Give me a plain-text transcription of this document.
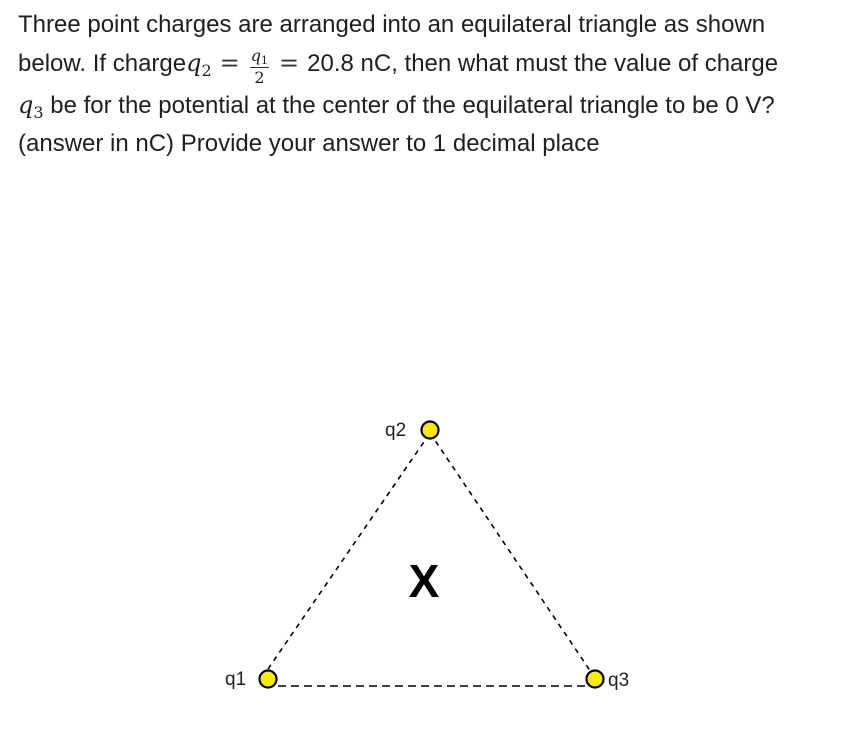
Three point charges are arranged into an equilateral triangle as shown
below. If chargeq$_2$ = $\frac{q_1}{2} = 20.8$ nC, then what must the value of charge
$q_3$ be for the potential at the center of the equilateral triangle to be 0 V?
(answer in nC) Provide your answer to 1 decimal place
q2
q1	q3
X
